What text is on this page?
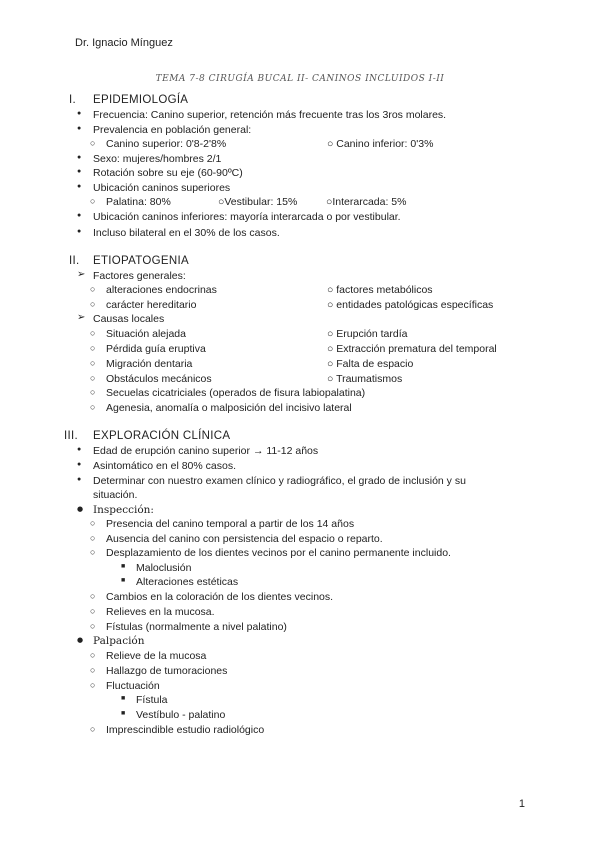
Dr. Ignacio Mínguez
TEMA 7-8 CIRUGÍA BUCAL II- CANINOS INCLUIDOS I-II
I. EPIDEMIOLOGÍA
● Frecuencia: Canino superior, retención más frecuente tras los 3ros molares.
● Prevalencia en población general:
○ Canino superior: 0'8-2'8%	○ Canino inferior: 0'3%
● Sexo: mujeres/hombres 2/1
● Rotación sobre su eje (60-90ºC)
● Ubicación caninos superiores
○ Palatina: 80%	○Vestibular: 15%	○Interarcada: 5%
● Ubicación caninos inferiores: mayoría interarcada o por vestibular.
● Incluso bilateral en el 30% de los casos.
II. ETIOPATOGENIA
➢ Factores generales:
○ alteraciones endocrinas	○ factores metabólicos
○ carácter hereditario	○ entidades patológicas específicas
➢ Causas locales
○ Situación alejada	○ Erupción tardía
○ Pérdida guía eruptiva	○ Extracción prematura del temporal
○ Migración dentaria	○ Falta de espacio
○ Obstáculos mecánicos	○ Traumatismos
○ Secuelas cicatriciales (operados de fisura labiopalatina)
○ Agenesia, anomalía o malposición del incisivo lateral
III. EXPLORACIÓN CLÍNICA
● Edad de erupción canino superior → 11-12 años
● Asintomático en el 80% casos.
● Determinar con nuestro examen clínico y radiográfico, el grado de inclusión y su
situación.
● Inspección:
○ Presencia del canino temporal a partir de los 14 años
○ Ausencia del canino con persistencia del espacio o reparto.
○ Desplazamiento de los dientes vecinos por el canino permanente incluido.
■ Maloclusión
■ Alteraciones estéticas
○ Cambios en la coloración de los dientes vecinos.
○ Relieves en la mucosa.
○ Fístulas (normalmente a nivel palatino)
● Palpación
○ Relieve de la mucosa
○ Hallazgo de tumoraciones
○ Fluctuación
■ Fístula
■ Vestíbulo - palatino
○ Imprescindible estudio radiológico
1
